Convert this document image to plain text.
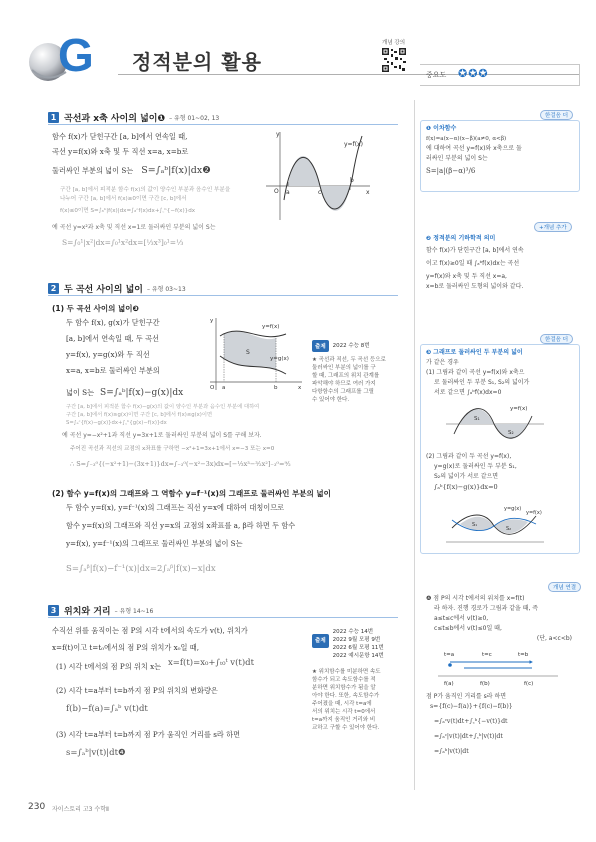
G 정적분의 활용
개념 강의
중요도 ✪✪✪
1 곡선과 x축 사이의 넓이❶ – 유형 01~02, 13
함수 f(x)가 닫힌구간 [a, b]에서 연속일 때,
곡선 y=f(x)와 x축 및 두 직선 x=a, x=b로
둘러싸인 부분의 넓이 S는 S=∫ₐᵇ|f(x)|dx❷
구간 [a, b]에서 피적분 함수 f(x)의 값이 양수인 부분과 음수인 부분을
나누어 구간 [a, b]에서 f(x)≥0이면 구간 [c, b]에서
f(x)≤0이면 S=∫ₐᵇ|f(x)|dx=∫ₐᶜf(x)dx+∫꜀ᵇ{−f(x)}dx
예 곡선 y=x²과 x축 및 직선 x=1로 둘러싸인 부분의 넓이 S는
S=∫₀¹|x²|dx=∫₀¹x²dx=[⅓x³]₀¹=⅓
y=f(x)
O a	c
b
x
y
2 두 곡선 사이의 넓이 – 유형 03~13
(1) 두 곡선 사이의 넓이❸
두 함수 f(x), g(x)가 닫힌구간
[a, b]에서 연속일 때, 두 곡선
y=f(x), y=g(x)와 두 직선
x=a, x=b로 둘러싸인 부분의
넓이 S는 S=∫ₐᵇ|f(x)−g(x)|dx
구간 [a, b]에서 피적분 함수 f(x)−g(x)의 값이 양수인 부분과 음수인 부분에 대하여
구간 [a, b]에서 f(x)≥g(x)이면 구간 [c, b]에서 f(x)≤g(x)이면
S=∫ₐᶜ{f(x)−g(x)}dx+∫꜀ᵇ{g(x)−f(x)}dx
y=f(x)
y=g(x)
S
O a	b	x
y
출제	2022 수능 8번
★ 곡선과 직선, 두 곡선 등으로
둘러싸인 부분의 넓이를 구
할 때, 그래프의 위치 관계를
파악해야 하므로 여러 가지
다항함수의 그래프를 그릴
수 있어야 한다.
예 곡선 y=−x²+1과 직선 y=3x+1로 둘러싸인 부분의 넓이 S를 구해 보자.
주어진 곡선과 직선의 교점의 x좌표를 구하면 −x²+1=3x+1에서 x=−3 또는 x=0
∴ S=∫₋₃⁰{(−x²+1)−(3x+1)}dx=∫₋₃⁰(−x²−3x)dx=[−⅓x³−³⁄₂x²]₋₃⁰=⁹⁄₂
(2) 함수 y=f(x)의 그래프와 그 역함수 y=f⁻¹(x)의 그래프로 둘러싸인 부분의 넓이
두 함수 y=f(x), y=f⁻¹(x)의 그래프는 직선 y=x에 대하여 대칭이므로
함수 y=f(x)의 그래프와 직선 y=x의 교점의 x좌표를 a, β라 하면 두 함수
y=f(x), y=f⁻¹(x)의 그래프로 둘러싸인 부분의 넓이 S는
S=∫ₐᵝ|f(x)−f⁻¹(x)|dx=2∫ₐᵝ|f(x)−x|dx
3 위치와 거리 – 유형 14~16
수직선 위를 움직이는 점 P의 시각 t에서의 속도가 v(t), 위치가
x=f(t)이고 t=t₀에서의 점 P의 위치가 x₀일 때,
(1) 시각 t에서의 점 P의 위치 x는 x=f(t)=x₀+∫ₜ₀ᵗ v(t)dt
(2) 시각 t=a부터 t=b까지 점 P의 위치의 변화량은
f(b)−f(a)=∫ₐᵇ v(t)dt
(3) 시각 t=a부터 t=b까지 점 P가 움직인 거리를 s라 하면
s=∫ₐᵇ|v(t)|dt❹
출제
2022 수능 14번
2022 9월 모평 9번
2022 6월 모평 11번
2022 예시문항 14번
★ 위치함수를 미분하면 속도
함수가 되고 속도함수를 적
분하면 위치함수가 됨을 알
아야 한다. 또한, 속도함수가
주어졌을 때, 시각 t=a에
서의 위치는 시각 t=0에서
t=a까지 움직인 거리와 비
교하고 구할 수 있어야 한다.
한걸음 더
❶ 이차함수
f(x)=a(x−α)(x−β)(a≠0, α<β)
에 대하여 곡선 y=f(x)와 x축으로 둘
러싸인 부분의 넓이 S는
S=|a|(β−α)³/6
+개념 추가
❷ 정적분의 기하학적 의미
함수 f(x)가 닫힌구간 [a, b]에서 연속
이고 f(x)≥0일 때 ∫ₐᵇf(x)dx는 곡선
y=f(x)와 x축 및 두 직선 x=a,
x=b로 둘러싸인 도형의 넓이와 같다.
한걸음 더
❸ 그래프로 둘러싸인 두 부분의 넓이
가 같은 경우
(1) 그림과 같이 곡선 y=f(x)와 x축으
로 둘러싸인 두 부분 S₁, S₂의 넓이가
서로 같으면 ∫ₐᵇf(x)dx=0
y=f(x)
S₁
S₂
(2) 그림과 같이 두 곡선 y=f(x),
y=g(x)로 둘러싸인 두 부분 S₁,
S₂의 넓이가 서로 같으면
∫ₐᵇ{f(x)−g(x)}dx=0
y=g(x)
y=f(x)
S₁
S₂
개념 연결
❹ 점 P의 시각 t에서의 위치를 x=f(t)
라 하자. 진행 경로가 그림과 같을 때, 즉
a≤t≤c에서 v(t)≥0,
c≤t≤b에서 v(t)≤0일 때,
(단, a<c<b)
t=a	t=c	t=b
f(a)	f(b)	f(c)
점 P가 움직인 거리를 s라 하면
s={f(c)−f(a)}+{f(c)−f(b)}
=∫ₐᶜv(t)dt+∫꜀ᵇ{−v(t)}dt
=∫ₐᶜ|v(t)|dt+∫꜀ᵇ|v(t)|dt
=∫ₐᵇ|v(t)|dt
230 자이스토리 고3 수학Ⅱ
